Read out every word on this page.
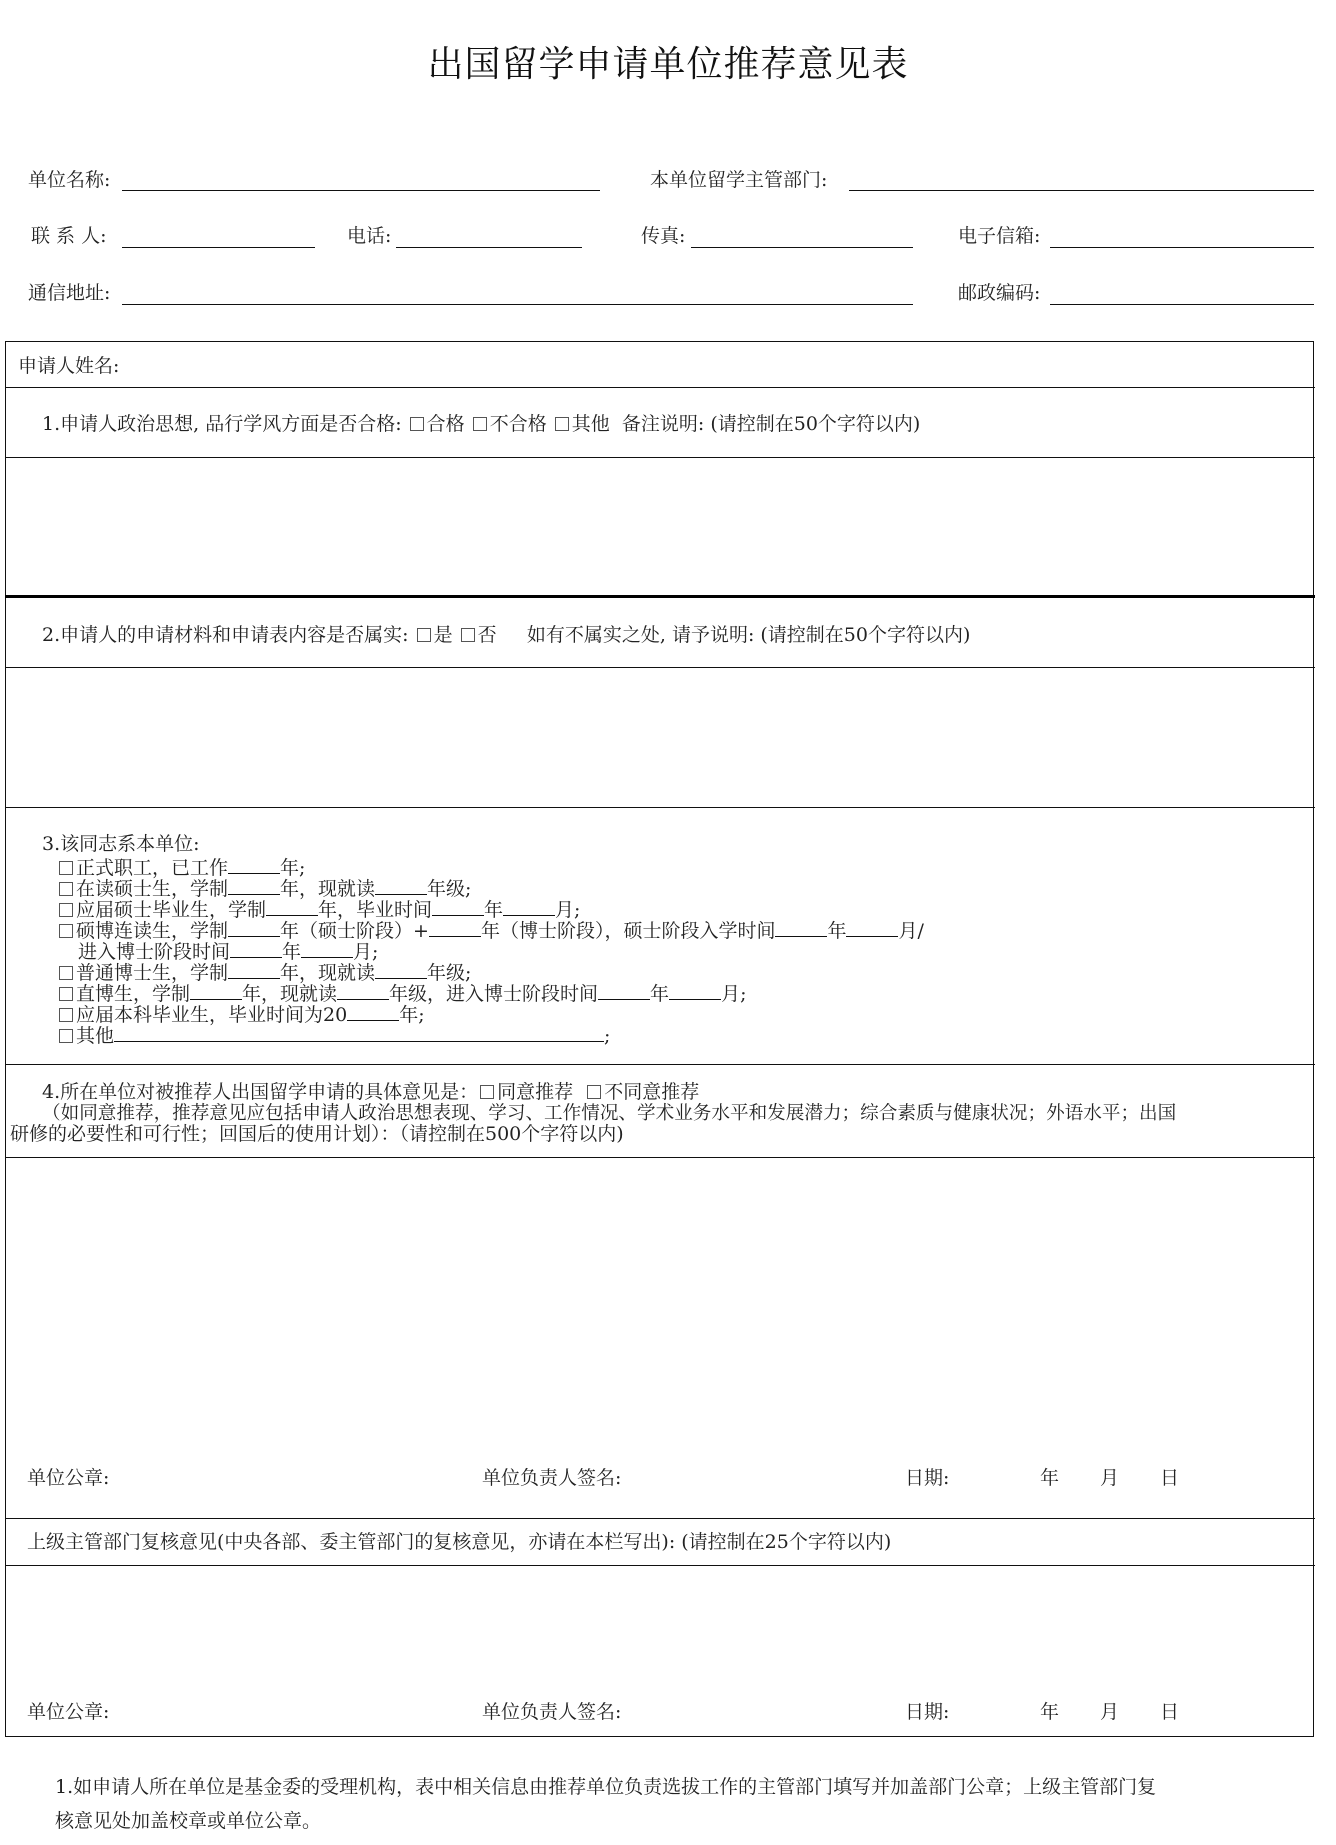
出国留学申请单位推荐意见表
单位名称:	本单位留学主管部门:
联 系 人:	电话:	传真:	电子信箱:
通信地址:	邮政编码:
申请人姓名:
1.申请人政治思想, 品行学风方面是否合格: 合格 不合格 其他 备注说明: (请控制在50个字符以内)
2.申请人的申请材料和申请表内容是否属实: 是 否 如有不属实之处, 请予说明: (请控制在50个字符以内)
3.该同志系本单位:
正式职工，已工作	年;
在读硕士生，学制	年，现就读	年级;
应届硕士毕业生，学制	年，毕业时间	年	月;
硕博连读生，学制	年（硕士阶段）+	年（博士阶段），硕士阶段入学时间	年	月/
进入博士阶段时间	年	月;
普通博士生，学制	年，现就读	年级;
直博生，学制	年，现就读	年级，进入博士阶段时间	年	月;
应届本科毕业生，毕业时间为20	年;
其他	;
4.所在单位对被推荐人出国留学申请的具体意见是： 同意推荐 不同意推荐
（如同意推荐，推荐意见应包括申请人政治思想表现、学习、工作情况、学术业务水平和发展潜力；综合素质与健康状况；外语水平；出国
研修的必要性和可行性；回国后的使用计划）：（请控制在500个字符以内)
单位公章:	单位负责人签名:	日期:	年 月 日
上级主管部门复核意见(中央各部、委主管部门的复核意见，亦请在本栏写出): (请控制在25个字符以内)
单位公章:	单位负责人签名:	日期:	年 月 日
1.如申请人所在单位是基金委的受理机构，表中相关信息由推荐单位负责选拔工作的主管部门填写并加盖部门公章；上级主管部门复
核意见处加盖校章或单位公章。
